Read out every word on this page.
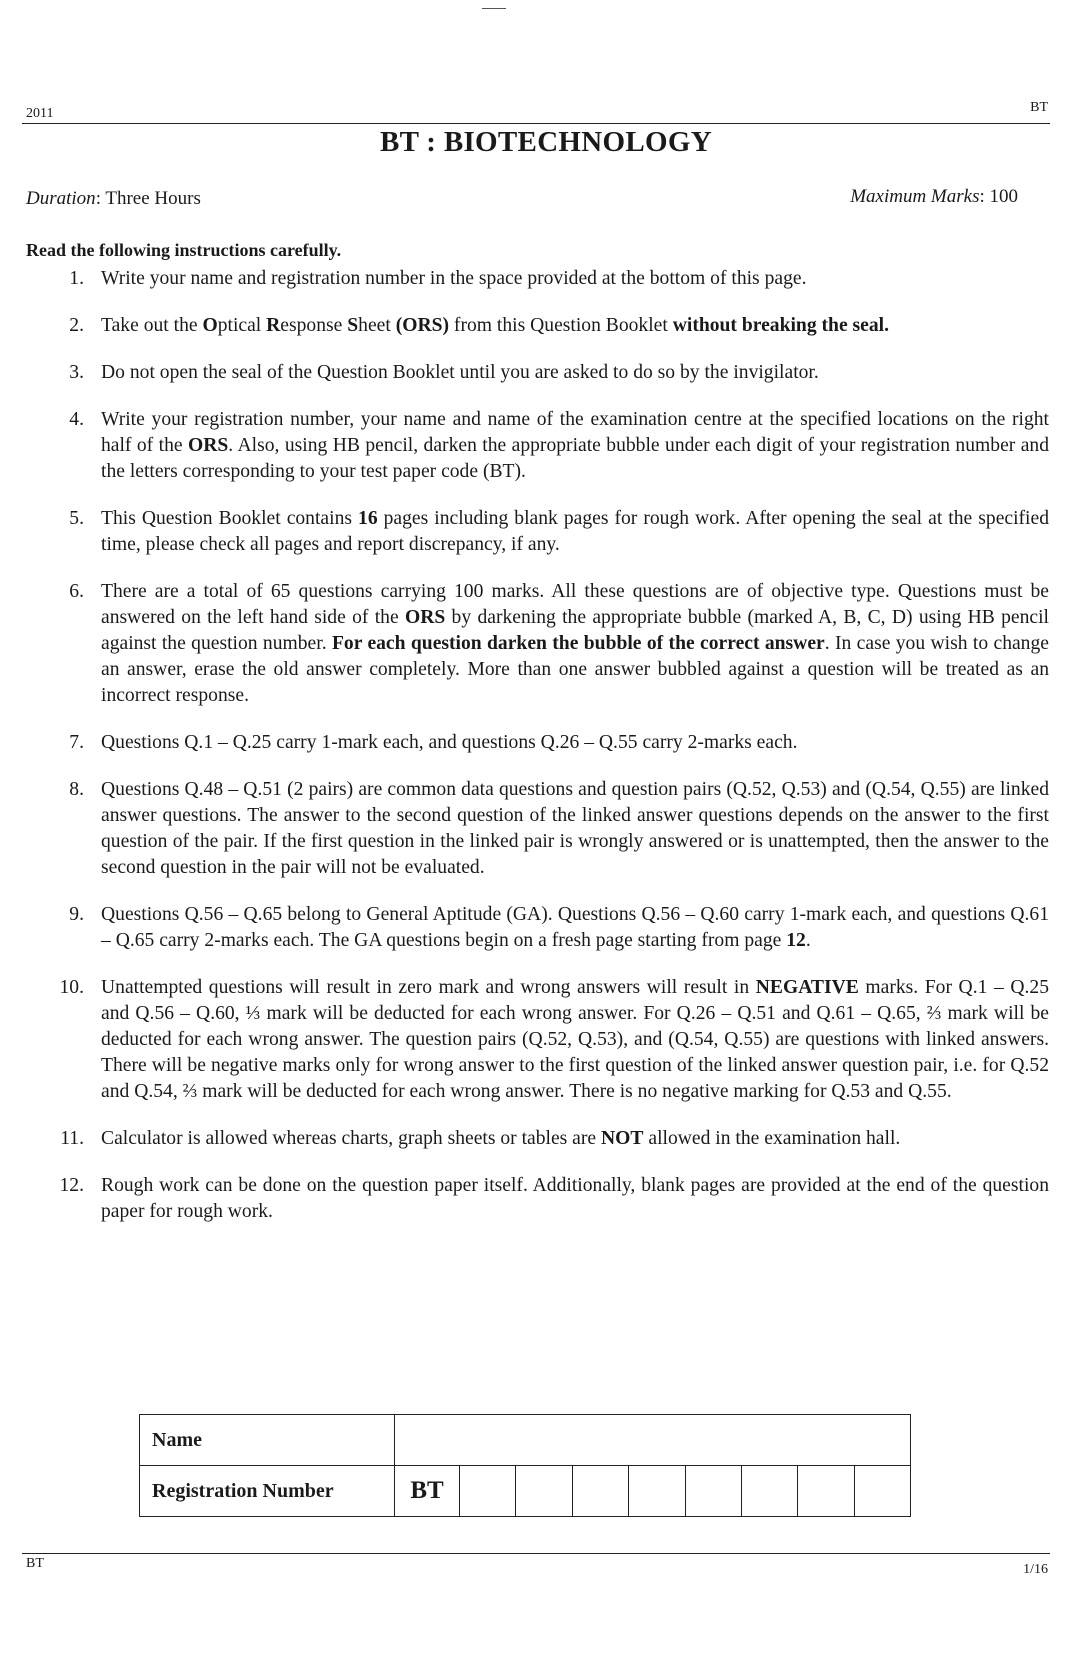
2011	BT
BT : BIOTECHNOLOGY
Duration: Three Hours	Maximum Marks: 100
Read the following instructions carefully.
1. Write your name and registration number in the space provided at the bottom of this page.
2. Take out the Optical Response Sheet (ORS) from this Question Booklet without breaking the seal.
3. Do not open the seal of the Question Booklet until you are asked to do so by the invigilator.
4. Write your registration number, your name and name of the examination centre at the specified locations on the right half of the ORS. Also, using HB pencil, darken the appropriate bubble under each digit of your registration number and the letters corresponding to your test paper code (BT).
5. This Question Booklet contains 16 pages including blank pages for rough work. After opening the seal at the specified time, please check all pages and report discrepancy, if any.
6. There are a total of 65 questions carrying 100 marks. All these questions are of objective type. Questions must be answered on the left hand side of the ORS by darkening the appropriate bubble (marked A, B, C, D) using HB pencil against the question number. For each question darken the bubble of the correct answer. In case you wish to change an answer, erase the old answer completely. More than one answer bubbled against a question will be treated as an incorrect response.
7. Questions Q.1 – Q.25 carry 1-mark each, and questions Q.26 – Q.55 carry 2-marks each.
8. Questions Q.48 – Q.51 (2 pairs) are common data questions and question pairs (Q.52, Q.53) and (Q.54, Q.55) are linked answer questions. The answer to the second question of the linked answer questions depends on the answer to the first question of the pair. If the first question in the linked pair is wrongly answered or is unattempted, then the answer to the second question in the pair will not be evaluated.
9. Questions Q.56 – Q.65 belong to General Aptitude (GA). Questions Q.56 – Q.60 carry 1-mark each, and questions Q.61 – Q.65 carry 2-marks each. The GA questions begin on a fresh page starting from page 12.
10. Unattempted questions will result in zero mark and wrong answers will result in NEGATIVE marks. For Q.1 – Q.25 and Q.56 – Q.60, ⅓ mark will be deducted for each wrong answer. For Q.26 – Q.51 and Q.61 – Q.65, ⅔ mark will be deducted for each wrong answer. The question pairs (Q.52, Q.53), and (Q.54, Q.55) are questions with linked answers. There will be negative marks only for wrong answer to the first question of the linked answer question pair, i.e. for Q.52 and Q.54, ⅔ mark will be deducted for each wrong answer. There is no negative marking for Q.53 and Q.55.
11. Calculator is allowed whereas charts, graph sheets or tables are NOT allowed in the examination hall.
12. Rough work can be done on the question paper itself. Additionally, blank pages are provided at the end of the question paper for rough work.
Name									
Registration Number	BT								
BT	1/16
